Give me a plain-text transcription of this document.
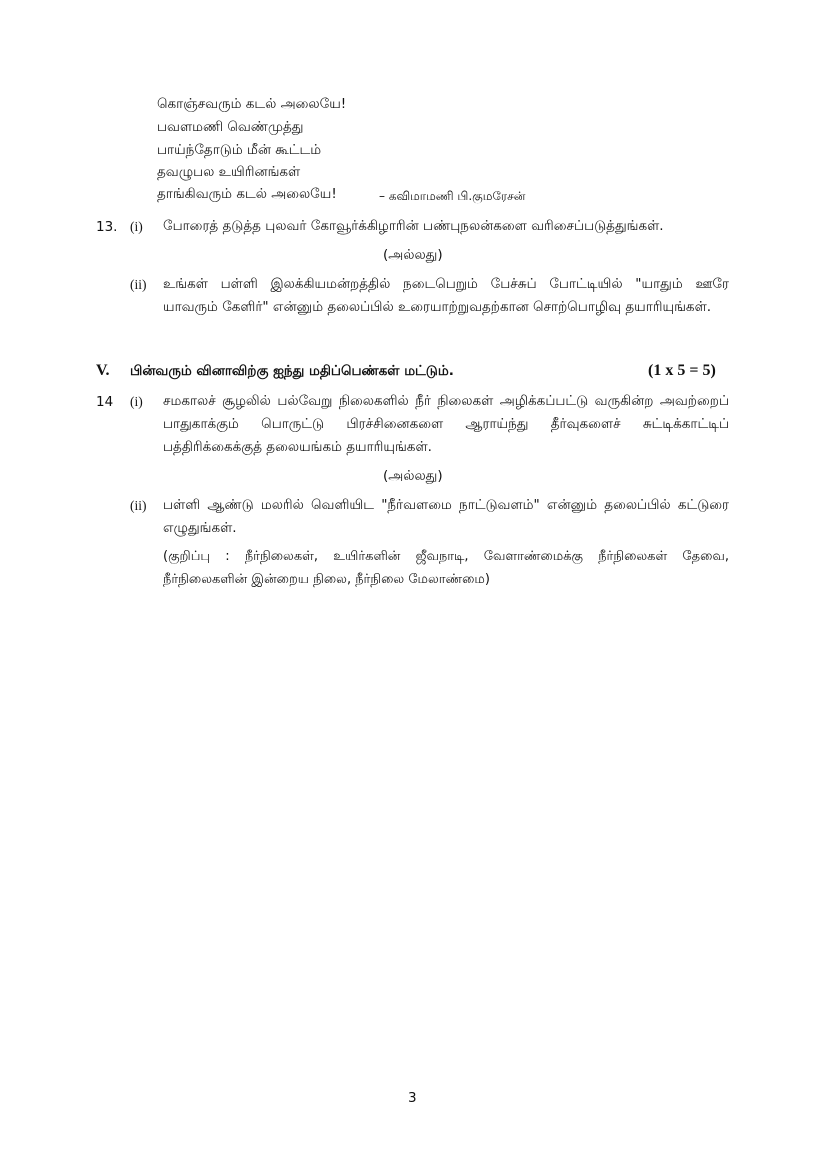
கொஞ்சவரும் கடல் அலையே!
பவளமணி வெண்முத்து
பாய்ந்தோடும் மீன் கூட்டம்
தவழுபல உயிரினங்கள்
தாங்கிவரும் கடல் அலையே!	– கவிமாமணி பி.குமரேசன்
13. (i) போரைத் தடுத்த புலவர் கோவூர்க்கிழாரின் பண்புநலன்களை வரிசைப்படுத்துங்கள்.
(அல்லது)
(ii) உங்கள் பள்ளி இலக்கியமன்றத்தில் நடைபெறும் பேச்சுப் போட்டியில் "யாதும் ஊரே யாவரும் கேளிர்" என்னும் தலைப்பில் உரையாற்றுவதற்கான சொற்பொழிவு தயாரியுங்கள்.
V. பின்வரும் வினாவிற்கு ஐந்து மதிப்பெண்கள் மட்டும்.	(1 x 5 = 5)
14 (i) சமகாலச் சூழலில் பல்வேறு நிலைகளில் நீர் நிலைகள் அழிக்கப்பட்டு வருகின்ற அவற்றைப் பாதுகாக்கும் பொருட்டு பிரச்சினைகளை ஆராய்ந்து தீர்வுகளைச் சுட்டிக்காட்டிப் பத்திரிக்கைக்குத் தலையங்கம் தயாரியுங்கள்.
(அல்லது)
(ii) பள்ளி ஆண்டு மலரில் வெளியிட "நீர்வளமை நாட்டுவளம்" என்னும் தலைப்பில் கட்டுரை எழுதுங்கள்.
(குறிப்பு : நீர்நிலைகள், உயிர்களின் ஜீவநாடி, வேளாண்மைக்கு நீர்நிலைகள் தேவை, நீர்நிலைகளின் இன்றைய நிலை, நீர்நிலை மேலாண்மை)
3
